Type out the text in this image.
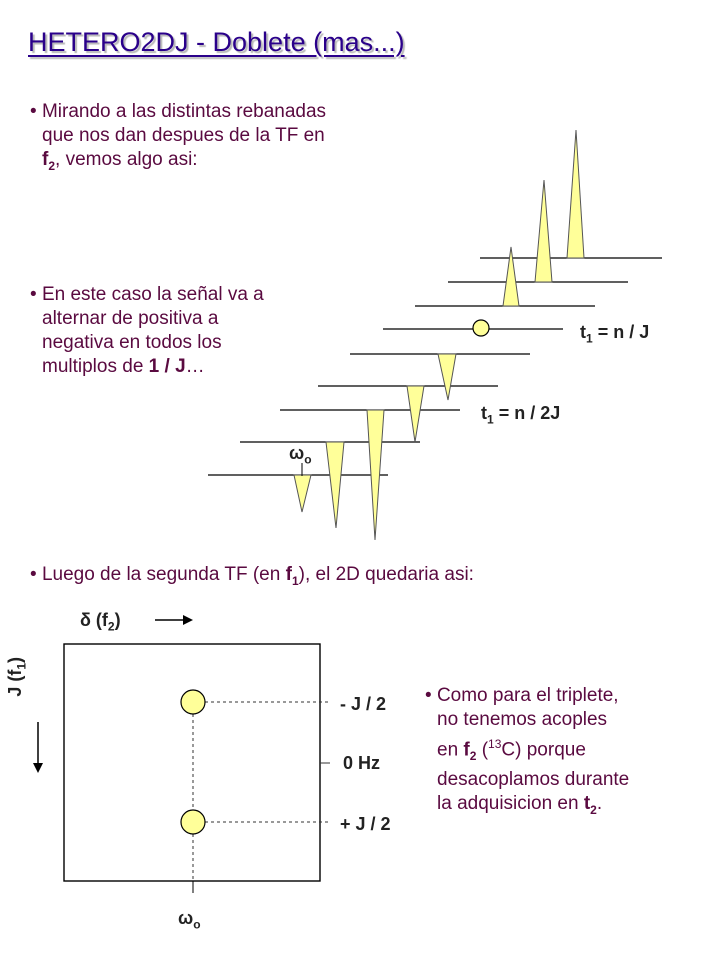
HETERO2DJ - Doblete (mas...)
• Mirando a las distintas rebanadas
que nos dan despues de la TF en
$f_2$, vemos algo asi:
• En este caso la señal va a
alternar de positiva a
negativa en todos los
multiplos de 1 / J…
$t_1 = n / J$
$t_1 = n / 2J$
$\omega_o$
• Luego de la segunda TF (en $f_1$), el 2D quedaria asi:
δ $(f_2)$
J $(f_1)$
- J / 2
0 Hz
+ J / 2
$\omega_o$
• Como para el triplete,
no tenemos acoples
en $f_2$ ($^{13}$C) porque
desacoplamos durante
la adquisicion en $t_2$.
